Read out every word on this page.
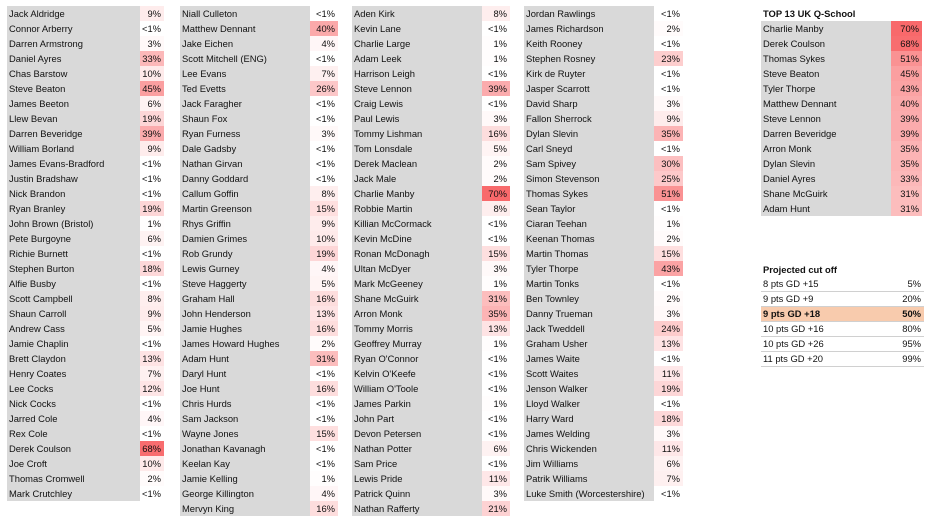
Jack Aldridge	9%
Connor Arberry	<1%
Darren Armstrong	3%
Daniel Ayres	33%
Chas Barstow	10%
Steve Beaton	45%
James Beeton	6%
Llew Bevan	19%
Darren Beveridge	39%
William Borland	9%
James Evans-Bradford	<1%
Justin Bradshaw	<1%
Nick Brandon	<1%
Ryan Branley	19%
John Brown (Bristol)	1%
Pete Burgoyne	6%
Richie Burnett	<1%
Stephen Burton	18%
Alfie Busby	<1%
Scott Campbell	8%
Shaun Carroll	9%
Andrew Cass	5%
Jamie Chaplin	<1%
Brett Claydon	13%
Henry Coates	7%
Lee Cocks	12%
Nick Cocks	<1%
Jarred Cole	4%
Rex Cole	<1%
Derek Coulson	68%
Joe Croft	10%
Thomas Cromwell	2%
Mark Crutchley	<1%
Niall Culleton	<1%
Matthew Dennant	40%
Jake Eichen	4%
Scott Mitchell (ENG)	<1%
Lee Evans	7%
Ted Evetts	26%
Jack Faragher	<1%
Shaun Fox	<1%
Ryan Furness	3%
Dale Gadsby	<1%
Nathan Girvan	<1%
Danny Goddard	<1%
Callum Goffin	8%
Martin Greenson	15%
Rhys Griffin	9%
Damien Grimes	10%
Rob Grundy	19%
Lewis Gurney	4%
Steve Haggerty	5%
Graham Hall	16%
John Henderson	13%
Jamie Hughes	16%
James Howard Hughes	2%
Adam Hunt	31%
Daryl Hunt	<1%
Joe Hunt	16%
Chris Hurds	<1%
Sam Jackson	<1%
Wayne Jones	15%
Jonathan Kavanagh	<1%
Keelan Kay	<1%
Jamie Kelling	1%
George Killington	4%
Mervyn King	16%
Aden Kirk	8%
Kevin Lane	<1%
Charlie Large	1%
Adam Leek	1%
Harrison Leigh	<1%
Steve Lennon	39%
Craig Lewis	<1%
Paul Lewis	3%
Tommy Lishman	16%
Tom Lonsdale	5%
Derek Maclean	2%
Jack Male	2%
Charlie Manby	70%
Robbie Martin	8%
Killian McCormack	<1%
Kevin McDine	<1%
Ronan McDonagh	15%
Ultan McDyer	3%
Mark McGeeney	1%
Shane McGuirk	31%
Arron Monk	35%
Tommy Morris	13%
Geoffrey Murray	1%
Ryan O'Connor	<1%
Kelvin O'Keefe	<1%
William O'Toole	<1%
James Parkin	1%
John Part	<1%
Devon Petersen	<1%
Nathan Potter	6%
Sam Price	<1%
Lewis Pride	11%
Patrick Quinn	3%
Nathan Rafferty	21%
Jordan Rawlings	<1%
James Richardson	2%
Keith Rooney	<1%
Stephen Rosney	23%
Kirk de Ruyter	<1%
Jasper Scarrott	<1%
David Sharp	3%
Fallon Sherrock	9%
Dylan Slevin	35%
Carl Sneyd	<1%
Sam Spivey	30%
Simon Stevenson	25%
Thomas Sykes	51%
Sean Taylor	<1%
Ciaran Teehan	1%
Keenan Thomas	2%
Martin Thomas	15%
Tyler Thorpe	43%
Martin Tonks	<1%
Ben Townley	2%
Danny Trueman	3%
Jack Tweddell	24%
Graham Usher	13%
James Waite	<1%
Scott Waites	11%
Jenson Walker	19%
Lloyd Walker	<1%
Harry Ward	18%
James Welding	3%
Chris Wickenden	11%
Jim Williams	6%
Patrik Williams	7%
Luke Smith (Worcestershire)	<1%
TOP 13 UK Q-School
Charlie Manby	70%
Derek Coulson	68%
Thomas Sykes	51%
Steve Beaton	45%
Tyler Thorpe	43%
Matthew Dennant	40%
Steve Lennon	39%
Darren Beveridge	39%
Arron Monk	35%
Dylan Slevin	35%
Daniel Ayres	33%
Shane McGuirk	31%
Adam Hunt	31%
Projected cut off
8 pts GD +15	5%
9 pts GD +9	20%
9 pts GD +18	50%
10 pts GD +16	80%
10 pts GD +26	95%
11 pts GD +20	99%
